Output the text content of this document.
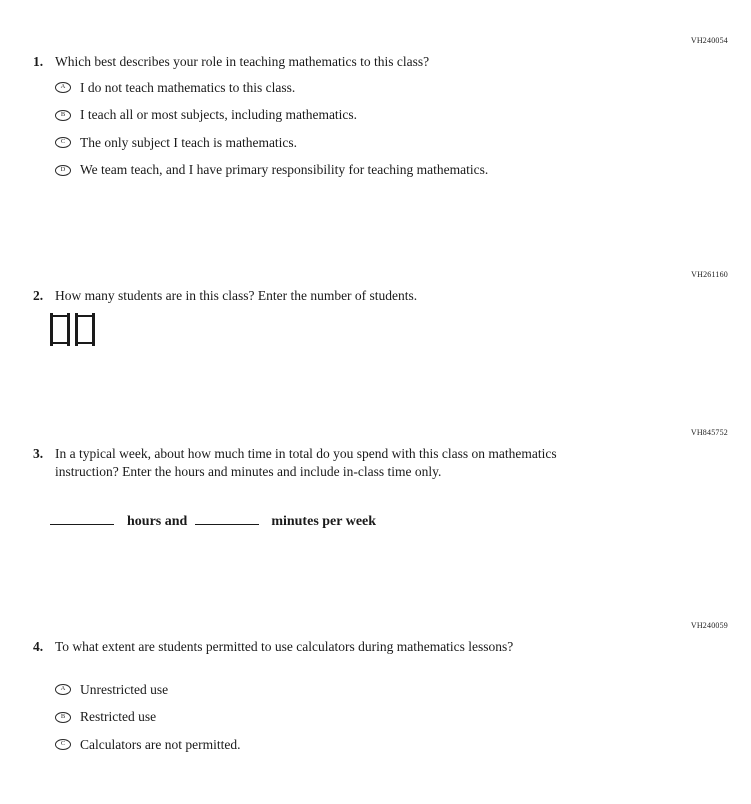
VH240054
1. Which best describes your role in teaching mathematics to this class?
A	I do not teach mathematics to this class.
B	I teach all or most subjects, including mathematics.
C	The only subject I teach is mathematics.
D	We team teach, and I have primary responsibility for teaching mathematics.
VH261160
2. How many students are in this class? Enter the number of students.
VH845752
3. In a typical week, about how much time in total do you spend with this class on mathematics instruction? Enter the hours and minutes and include in-class time only.
hours and	minutes per week
VH240059
4. To what extent are students permitted to use calculators during mathematics lessons?
A	Unrestricted use
B	Restricted use
C	Calculators are not permitted.
